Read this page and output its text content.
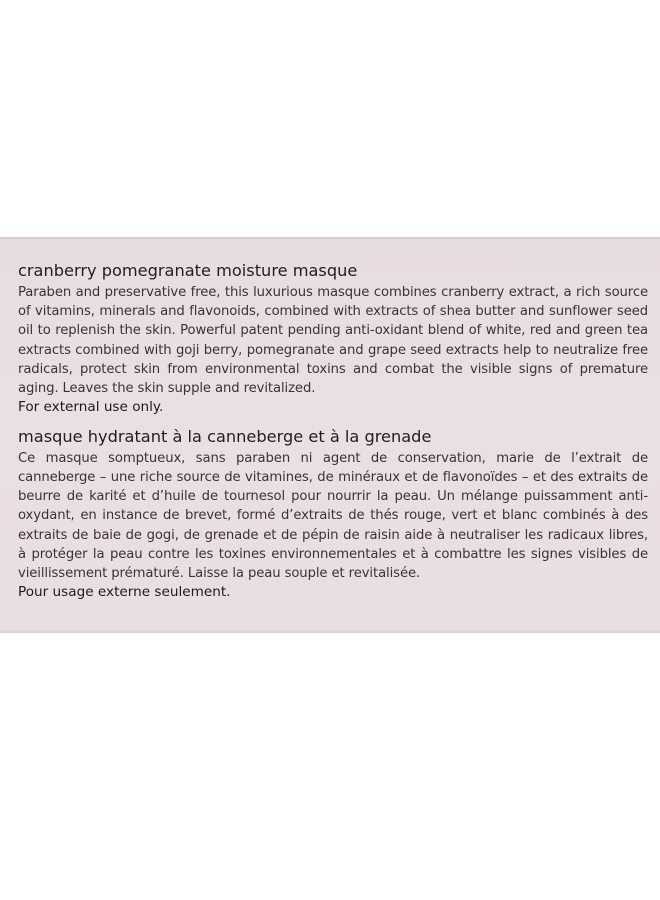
cranberry pomegranate moisture masque

Paraben and preservative free, this luxurious masque combines cranberry extract, a rich source of vitamins, minerals and flavonoids, combined with extracts of shea butter and sunflower seed oil to replenish the skin. Powerful patent pending anti-oxidant blend of white, red and green tea extracts combined with goji berry, pomegranate and grape seed extracts help to neutralize free radicals, protect skin from environmental toxins and combat the visible signs of premature aging. Leaves the skin supple and revitalized.

For external use only.

masque hydratant à la canneberge et à la grenade

Ce masque somptueux, sans paraben ni agent de conservation, marie de l’extrait de canneberge – une riche source de vitamines, de minéraux et de flavonoïdes – et des extraits de beurre de karité et d’huile de tournesol pour nourrir la peau. Un mélange puissamment anti-oxydant, en instance de brevet, formé d’extraits de thés rouge, vert et blanc combinés à des extraits de baie de gogi, de grenade et de pépin de raisin aide à neutraliser les radicaux libres, à protéger la peau contre les toxines environnementales et à combattre les signes visibles de vieillissement prématuré. Laisse la peau souple et revitalisée.

Pour usage externe seulement.
